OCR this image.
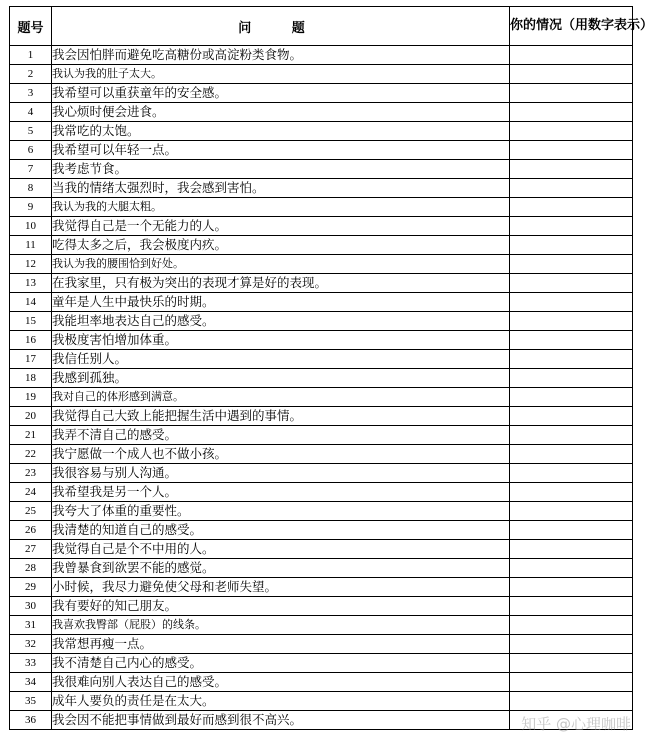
题号	问 题	你的情况（用数字表示）
1	我会因怕胖而避免吃高糖份或高淀粉类食物。	
2	我认为我的肚子太大。	
3	我希望可以重获童年的安全感。	
4	我心烦时便会进食。	
5	我常吃的太饱。	
6	我希望可以年轻一点。	
7	我考虑节食。	
8	当我的情绪太强烈时，我会感到害怕。	
9	我认为我的大腿太粗。	
10	我觉得自己是一个无能力的人。	
11	吃得太多之后，我会极度内疚。	
12	我认为我的腰围恰到好处。	
13	在我家里，只有极为突出的表现才算是好的表现。	
14	童年是人生中最快乐的时期。	
15	我能坦率地表达自己的感受。	
16	我极度害怕增加体重。	
17	我信任别人。	
18	我感到孤独。	
19	我对自己的体形感到满意。	
20	我觉得自己大致上能把握生活中遇到的事情。	
21	我弄不清自己的感受。	
22	我宁愿做一个成人也不做小孩。	
23	我很容易与别人沟通。	
24	我希望我是另一个人。	
25	我夸大了体重的重要性。	
26	我清楚的知道自己的感受。	
27	我觉得自己是个不中用的人。	
28	我曾暴食到欲罢不能的感觉。	
29	小时候，我尽力避免使父母和老师失望。	
30	我有要好的知己朋友。	
31	我喜欢我臀部（屁股）的线条。	
32	我常想再瘦一点。	
33	我不清楚自己内心的感受。	
34	我很难向别人表达自己的感受。	
35	成年人要负的责任是在太大。	
36	我会因不能把事情做到最好而感到很不高兴。		知乎 @心理咖啡
